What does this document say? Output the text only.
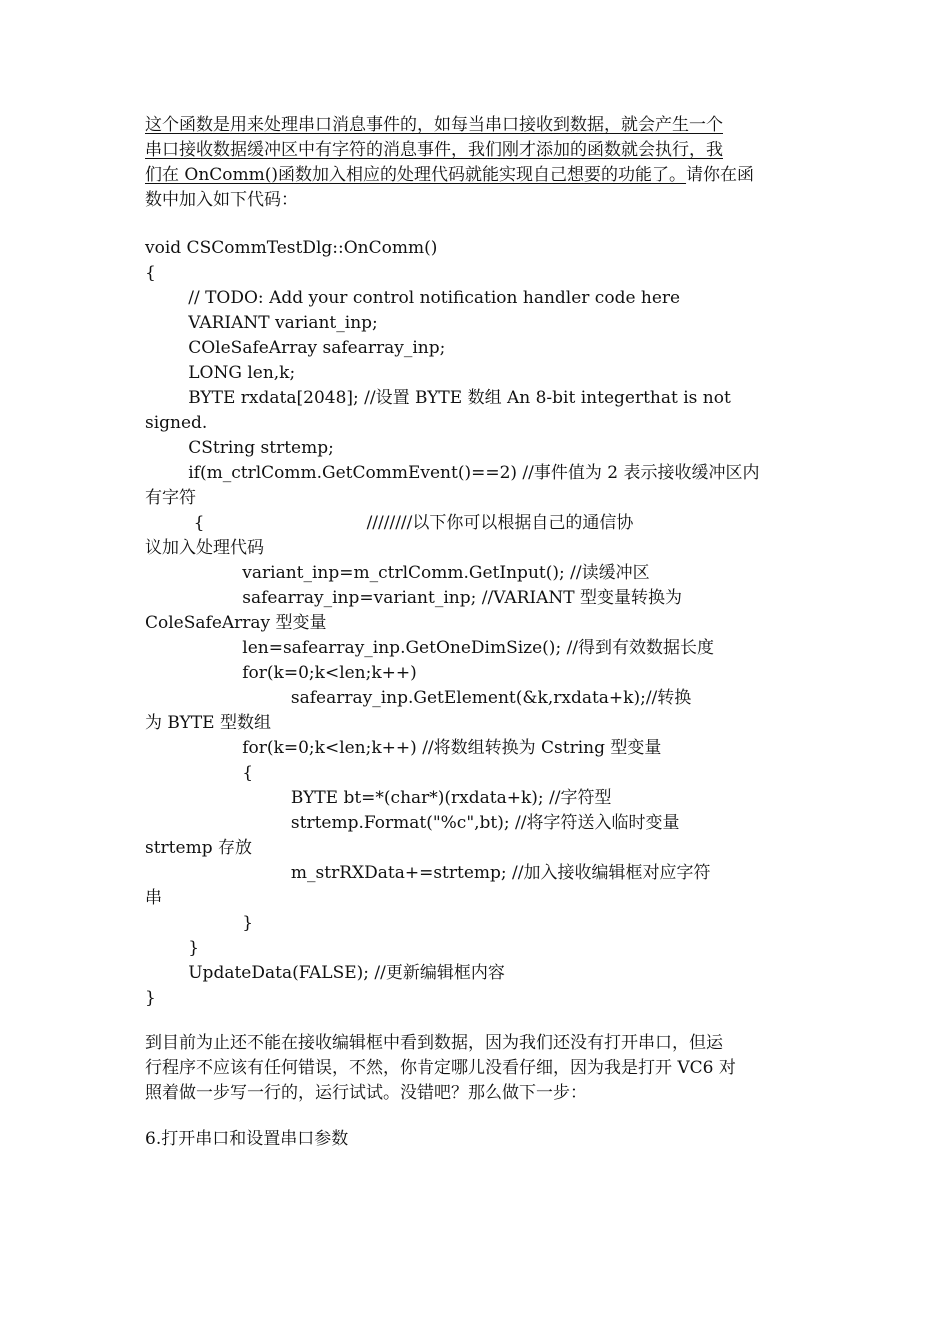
这个函数是用来处理串口消息事件的，如每当串口接收到数据，就会产生一个
串口接收数据缓冲区中有字符的消息事件，我们刚才添加的函数就会执行，我
们在 OnComm()函数加入相应的处理代码就能实现自己想要的功能了。请你在函
数中加入如下代码：
void CSCommTestDlg::OnComm()
{
// TODO: Add your control notification handler code here
VARIANT variant_inp;
COleSafeArray safearray_inp;
LONG len,k;
BYTE rxdata[2048]; //设置 BYTE 数组 An 8-bit integerthat is not
signed.
CString strtemp;
if(m_ctrlComm.GetCommEvent()==2) //事件值为 2 表示接收缓冲区内
有字符
{                              ////////以下你可以根据自己的通信协
议加入处理代码
variant_inp=m_ctrlComm.GetInput(); //读缓冲区
safearray_inp=variant_inp; //VARIANT 型变量转换为
ColeSafeArray 型变量
len=safearray_inp.GetOneDimSize(); //得到有效数据长度
for(k=0;k<len;k++)
safearray_inp.GetElement(&k,rxdata+k);//转换
为 BYTE 型数组
for(k=0;k<len;k++) //将数组转换为 Cstring 型变量
{
BYTE bt=*(char*)(rxdata+k); //字符型
strtemp.Format("%c",bt); //将字符送入临时变量
strtemp 存放
m_strRXData+=strtemp; //加入接收编辑框对应字符
串
}
}
UpdateData(FALSE); //更新编辑框内容
}
到目前为止还不能在接收编辑框中看到数据，因为我们还没有打开串口，但运
行程序不应该有任何错误，不然，你肯定哪儿没看仔细，因为我是打开 VC6 对
照着做一步写一行的，运行试试。没错吧？那么做下一步：
6.打开串口和设置串口参数
